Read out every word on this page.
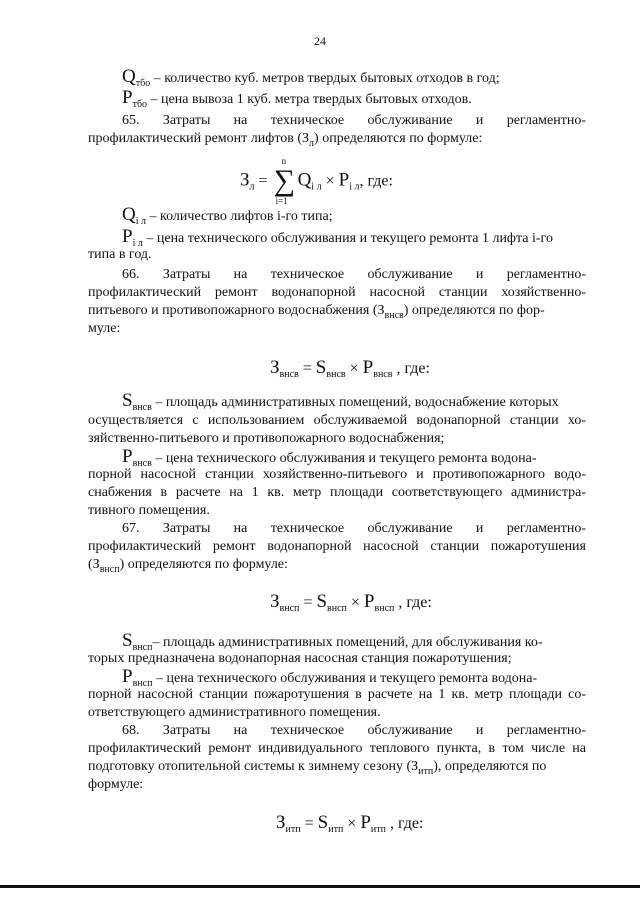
24
$Q_{тбо}$ – количество куб. метров твердых бытовых отходов в год;
$Р_{тбо}$ – цена вывоза 1 куб. метра твердых бытовых отходов.
65. Затраты на техническое обслуживание и регламентно-
профилактический ремонт лифтов $(З_л)$ определяются по формуле:
$З_л$ =
n
∑
i=1
$Q_{i л} \times Р_{i л}$, где:
$Q_{i л}$ – количество лифтов i-го типа;
$Р_{i л}$ – цена технического обслуживания и текущего ремонта 1 лифта i-го
типа в год.
66. Затраты на техническое обслуживание и регламентно-
профилактический ремонт водонапорной насосной станции хозяйственно-
питьевого и противопожарного водоснабжения $(З_{внсв})$ определяются по фор-
муле:
$З_{внсв} = S_{внсв} \times Р_{внсв}$ , где:
$S_{внсв}$ – площадь административных помещений, водоснабжение которых
осуществляется с использованием обслуживаемой водонапорной станции хо-
зяйственно-питьевого и противопожарного водоснабжения;
$Р_{внсв}$ – цена технического обслуживания и текущего ремонта водона-
порной насосной станции хозяйственно-питьевого и противопожарного водо-
снабжения в расчете на 1 кв. метр площади соответствующего администра-
тивного помещения.
67. Затраты на техническое обслуживание и регламентно-
профилактический ремонт водонапорной насосной станции пожаротушения
$(З_{внсп})$ определяются по формуле:
$З_{внсп} = S_{внсп} \times Р_{внсп}$ , где:
$S_{внсп}-$ площадь административных помещений, для обслуживания ко-
торых предназначена водонапорная насосная станция пожаротушения;
$Р_{внсп}$ – цена технического обслуживания и текущего ремонта водона-
порной насосной станции пожаротушения в расчете на 1 кв. метр площади со-
ответствующего административного помещения.
68. Затраты на техническое обслуживание и регламентно-
профилактический ремонт индивидуального теплового пункта, в том числе на
подготовку отопительной системы к зимнему сезону $(З_{итп})$, определяются по
формуле:
$З_{итп} = S_{итп} \times Р_{итп}$ , где:
